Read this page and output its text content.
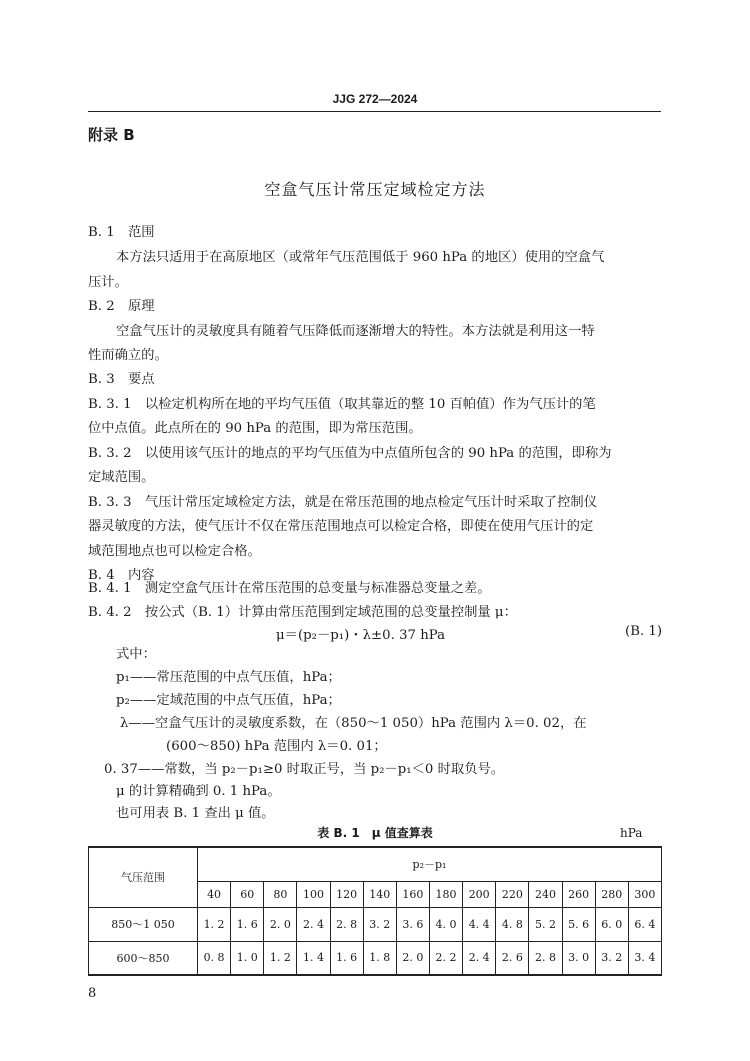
JJG 272—2024
附录 B
空盒气压计常压定域检定方法
B. 1　范围
本方法只适用于在高原地区（或常年气压范围低于 960 hPa 的地区）使用的空盒气
压计。
B. 2　原理
空盒气压计的灵敏度具有随着气压降低而逐渐增大的特性。本方法就是利用这一特
性而确立的。
B. 3　要点
B. 3. 1　以检定机构所在地的平均气压值（取其靠近的整 10 百帕值）作为气压计的笔
位中点值。此点所在的 90 hPa 的范围，即为常压范围。
B. 3. 2　以使用该气压计的地点的平均气压值为中点值所包含的 90 hPa 的范围，即称为
定域范围。
B. 3. 3　气压计常压定域检定方法，就是在常压范围的地点检定气压计时采取了控制仪
器灵敏度的方法，使气压计不仅在常压范围地点可以检定合格，即使在使用气压计的定
域范围地点也可以检定合格。
B. 4　内容
B. 4. 1　测定空盒气压计在常压范围的总变量与标准器总变量之差。
B. 4. 2　按公式（B. 1）计算由常压范围到定域范围的总变量控制量 μ：
μ＝(p₂－p₁)・λ±0. 37 hPa	(B. 1)
式中：
p₁——常压范围的中点气压值，hPa；
p₂——定域范围的中点气压值，hPa；
λ——空盒气压计的灵敏度系数，在（850～1 050）hPa 范围内 λ＝0. 02，在
(600～850) hPa 范围内 λ＝0. 01；
0. 37——常数，当 p₂－p₁≥0 时取正号，当 p₂－p₁＜0 时取负号。
μ 的计算精确到 0. 1 hPa。
也可用表 B. 1 查出 μ 值。
表 B. 1　μ 值查算表	hPa
气压范围	p₂－p₁													
	40	60	80	100	120	140	160	180	200	220	240	260	280	300
850～1 050	1. 2	1. 6	2. 0	2. 4	2. 8	3. 2	3. 6	4. 0	4. 4	4. 8	5. 2	5. 6	6. 0	6. 4
600～850	0. 8	1. 0	1. 2	1. 4	1. 6	1. 8	2. 0	2. 2	2. 4	2. 6	2. 8	3. 0	3. 2	3. 4
8
